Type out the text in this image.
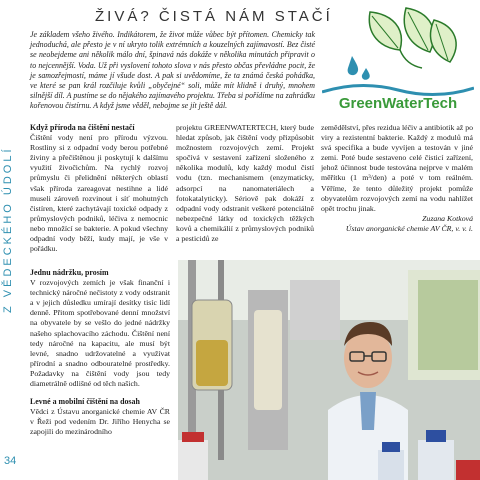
Z VĚDECKÉHO ÚDOLÍ
34
ŽIVÁ? ČISTÁ NÁM STAČÍ
Je základem všeho živého. Indikátorem, že život může vůbec být přítomen. Chemicky tak jednoduchá, ale přesto je v ní ukryto tolik extrémních a kouzelných zajímavostí. Bez čisté se neobejdeme ani několik málo dní, špinavá nás dokáže v několika minutách připravit o to nejcennější. Voda. Už při vyslovení tohoto slova v nás přesto občas převládne pocit, že je samozřejmostí, máme jí všude dost. A pak si uvědomíme, že ta známá česká pohádka, ve které se pan král rozčiluje kvůli „obyčejné“ soli, může mít klidně i druhý, mnohem silnější díl. A pustíme se do nějakého zajímavého projektu. Třeba si pořídíme na zahrádku kořenovou čistírnu. A když jsme věděl, nebojme se jít ještě dál.	GreenWaterTech
Když příroda na čištění nestačí

Čištění vody není pro přírodu výzvou. Rostliny si z odpadní vody berou potřebné živiny a přečištěnou ji poskytují k dalšímu využití živočichům. Na rychlý rozvoj průmyslu či přelidnění některých oblastí však příroda zareagovat nestihne a lidé museli zároveň rozvinout i síť mohutných čistíren, které zachytávají toxické odpady z průmyslových podniků, léčiva z nemocnic nebo množící se bakterie. A pokud všechny odpadní vody běží, kudy mají, je vše v pořádku.

projektu GREENWATERTECH, který bude hledat způsob, jak čištění vody přizpůsobit možnostem rozvojových zemí. Projekt spočívá v sestavení zařízení složeného z několika modulů, kdy každý modul čistí vodu (tzn. mechanismem (enzymaticky, adsorpcí na nanomateriálech a fotokatalyticky). Sériově pak dokáží z odpadní vody odstranit veškeré potenciálně nebezpečné látky od toxických těžkých kovů a chemikálií z průmyslových podniků a pesticidů ze

zemědělství, přes rezidua léčiv a antibiotik až po viry a rezistentní bakterie. Každý z modulů má svá specifika a bude vyvíjen a testován v jiné zemi. Poté bude sestaveno celé čisticí zařízení, jehož účinnost bude testována nejprve v malém měřítku (1 m³/den) a poté v tom reálném. Věříme, že tento důležitý projekt pomůže obyvatelům rozvojových zemí na vodu nahlížet opět trochu jinak.

Zuzana Kotková

Ústav anorganické chemie AV ČR, v. v. i.

Jednu nádržku, prosím

V rozvojových zemích je však finanční i technický náročné nečistoty z vody odstranit a v jejich důsledku umírají desítky tisíc lidí denně. Přitom spotřebované denní množství na obyvatele by se vešlo do jedné nádržky našeho splachovacího záchodu. Čištění není tedy náročné na kapacitu, ale musí být levné, snadno udržovatelné a využívat přírodní a snadno odbouratelné prostředky. Požadavky na čištění vody jsou tedy diametrálně odlišné od těch našich.

Levné a mobilní čištění na dosah

Vědci z Ústavu anorganické chemie AV ČR v Řeži pod vedením Dr. Jiřího Henycha se zapojili do mezinárodního
